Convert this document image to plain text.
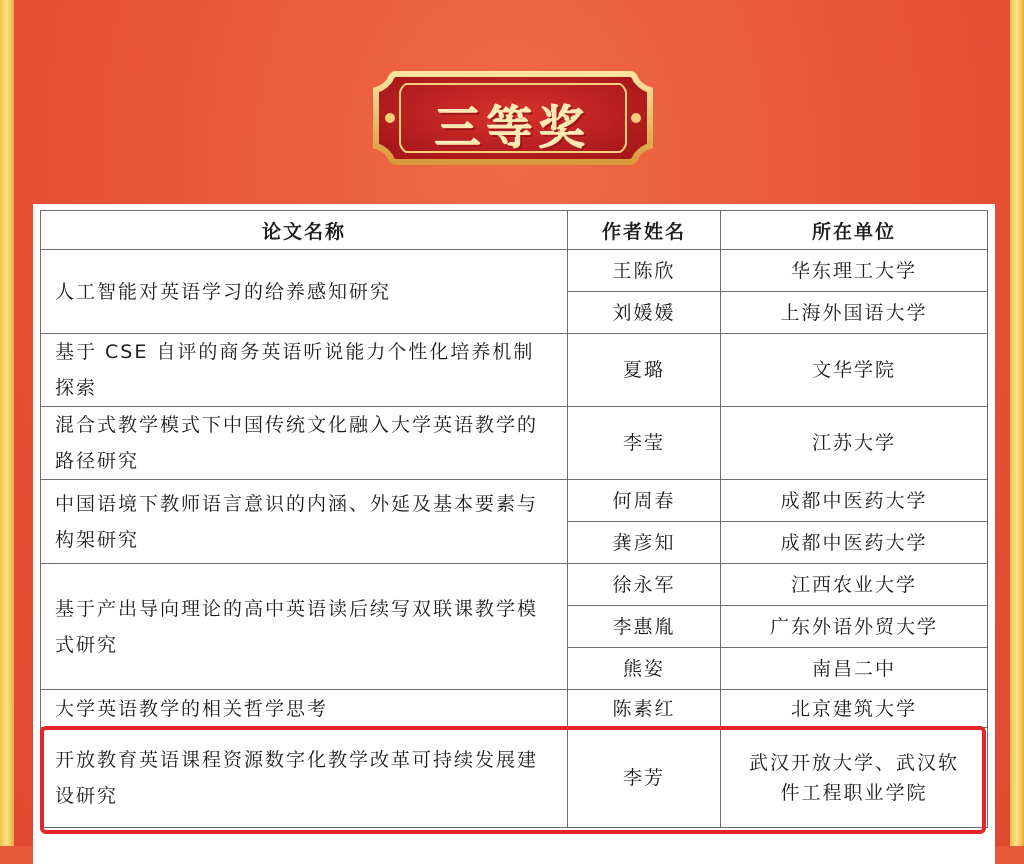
三等奖
论文名称	作者姓名	所在单位
人工智能对英语学习的给养感知研究	王陈欣	华东理工大学
	刘媛媛	上海外国语大学
基于 CSE 自评的商务英语听说能力个性化培养机制探索	夏璐	文华学院
混合式教学模式下中国传统文化融入大学英语教学的路径研究	李莹	江苏大学
中国语境下教师语言意识的内涵、外延及基本要素与构架研究	何周春	成都中医药大学
	龚彦知	成都中医药大学
基于产出导向理论的高中英语读后续写双联课教学模式研究	徐永军	江西农业大学
	李惠胤	广东外语外贸大学
	熊姿	南昌二中
大学英语教学的相关哲学思考	陈素红	北京建筑大学
开放教育英语课程资源数字化教学改革可持续发展建设研究	李芳	武汉开放大学、武汉软件工程职业学院
